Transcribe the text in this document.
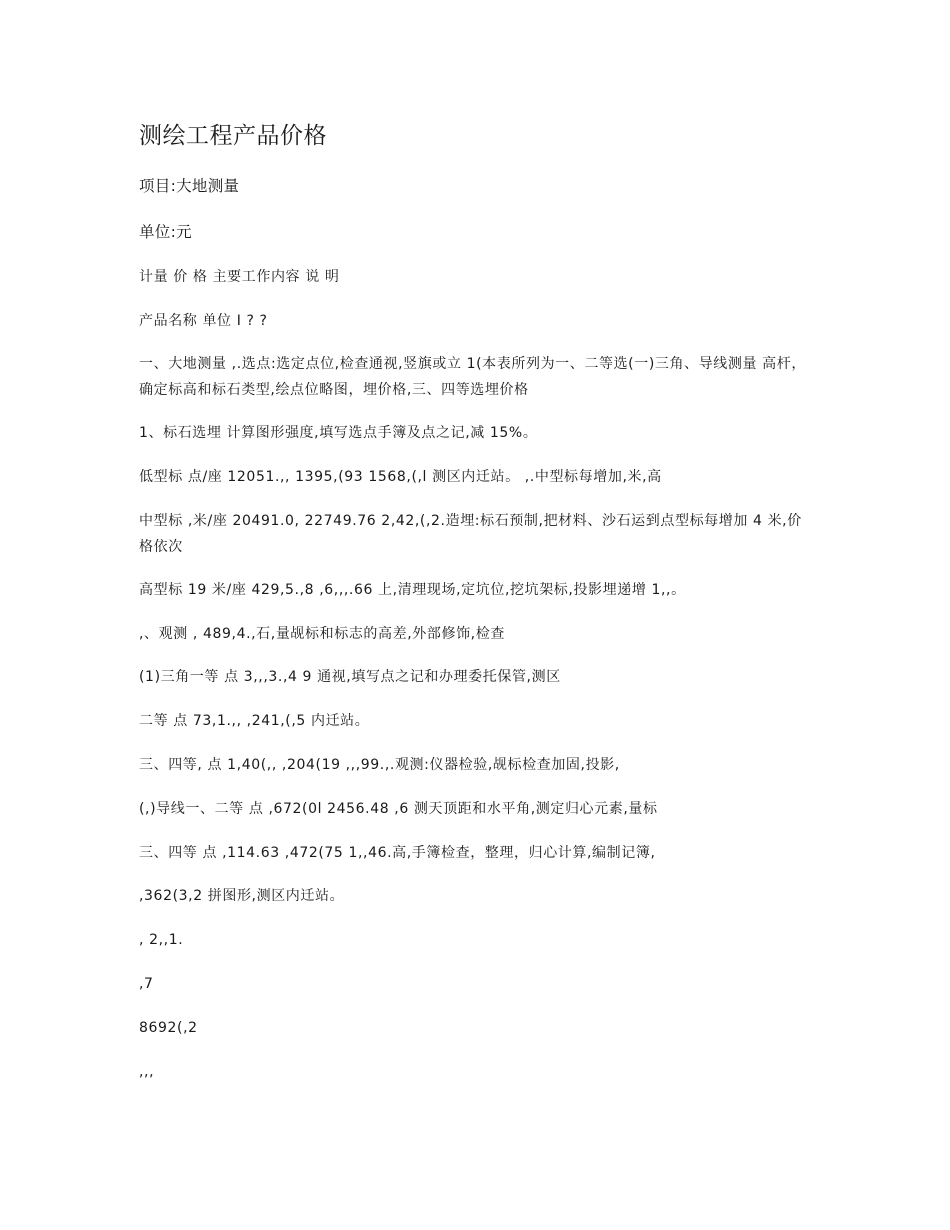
测绘工程产品价格
项目:大地测量
单位:元
计量 价 格 主要工作内容 说 明
产品名称 单位 I ? ?
一、大地测量 ,.选点:选定点位,检查通视,竖旗或立 1(本表所列为一、二等选(一)三角、导线测量 高杆，确定标高和标石类型,绘点位略图，埋价格,三、四等选埋价格
1、标石选埋 计算图形强度,填写选点手簿及点之记,减 15%。
低型标 点/座 12051.,, 1395,(93 1568,(,l 测区内迁站。 ,.中型标每增加,米,高
中型标 ,米/座 20491.0, 22749.76 2,42,(,2.造埋:标石预制,把材料、沙石运到点型标每增加 4 米,价格依次
高型标 19 米/座 429,5.,8 ,6,,,.66 上,清理现场,定坑位,挖坑架标,投影埋递增 1,,。
,、观测 , 489,4.,石,量觇标和标志的高差,外部修饰,检查
(1)三角一等 点 3,,,3.,4 9 通视,填写点之记和办理委托保管,测区
二等 点 73,1.,, ,241,(,5 内迁站。
三、四等, 点 1,40(,, ,204(19 ,,,99.,.观测:仪器检验,觇标检查加固,投影,
(,)导线一、二等 点 ,672(0l 2456.48 ,6 测天顶距和水平角,测定归心元素,量标
三、四等 点 ,114.63 ,472(75 1,,46.高,手簿检查，整理，归心计算,编制记簿,
,362(3,2 拼图形,测区内迁站。
, 2,,1.
,7
8692(,2
,,,
